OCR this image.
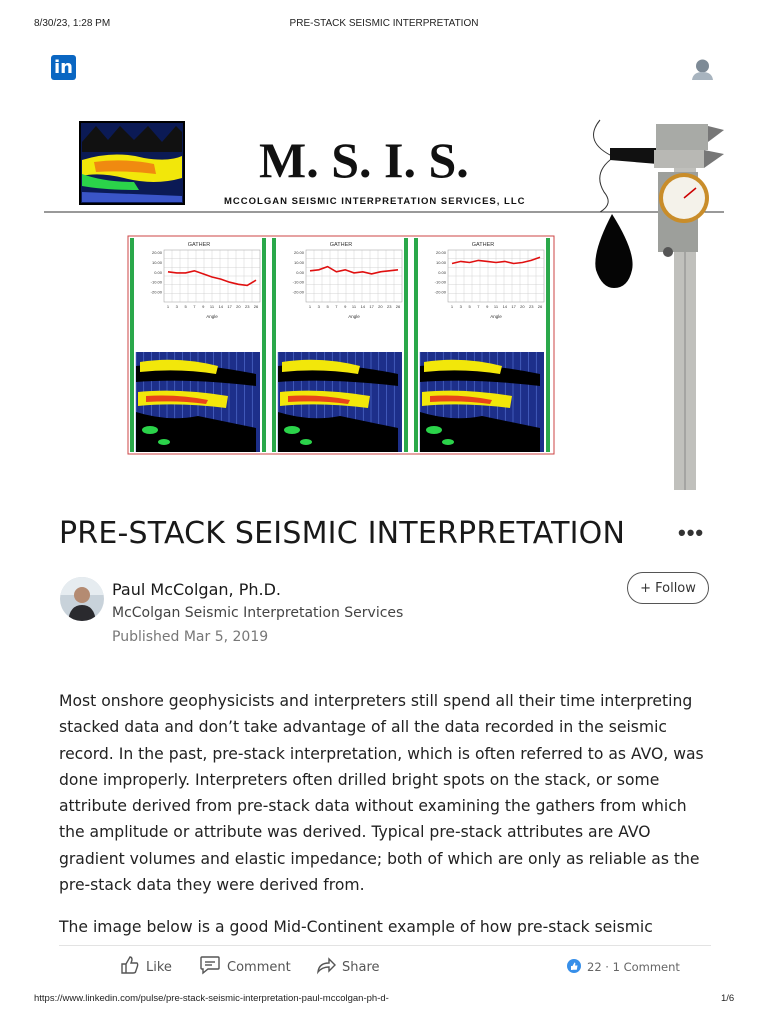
8/30/23, 1:28 PM	PRE-STACK SEISMIC INTERPRETATION
in
M. S. I. S.
MCCOLGAN SEISMIC INTERPRETATION SERVICES, LLC
GATHER
20.00
10.00
0.00
-10.00
-20.00
1 3 5 7 9 11 14 17 20 23 26
Angle
GATHER
20.00
10.00
0.00
-10.00
-20.00
1 3 5 7 9 11 14 17 20 23 26
Angle
GATHER
20.00
10.00
0.00
-10.00
-20.00
1 3 5 7 9 11 14 17 20 23 26
Angle
PRE-STACK SEISMIC INTERPRETATION •••
Paul McColgan, Ph.D.
McColgan Seismic Interpretation Services
Published Mar 5, 2019
+ Follow
Most onshore geophysicists and interpreters still spend all their time interpreting stacked data and don’t take advantage of all the data recorded in the seismic record. In the past, pre-stack interpretation, which is often referred to as AVO, was done improperly. Interpreters often drilled bright spots on the stack, or some attribute derived from pre-stack data without examining the gathers from which the amplitude or attribute was derived. Typical pre-stack attributes are AVO gradient volumes and elastic impedance; both of which are only as reliable as the pre-stack data they were derived from.
The image below is a good Mid-Continent example of how pre-stack seismic
Like	Comment	Share	22 · 1 Comment
https://www.linkedin.com/pulse/pre-stack-seismic-interpretation-paul-mccolgan-ph-d-	1/6
